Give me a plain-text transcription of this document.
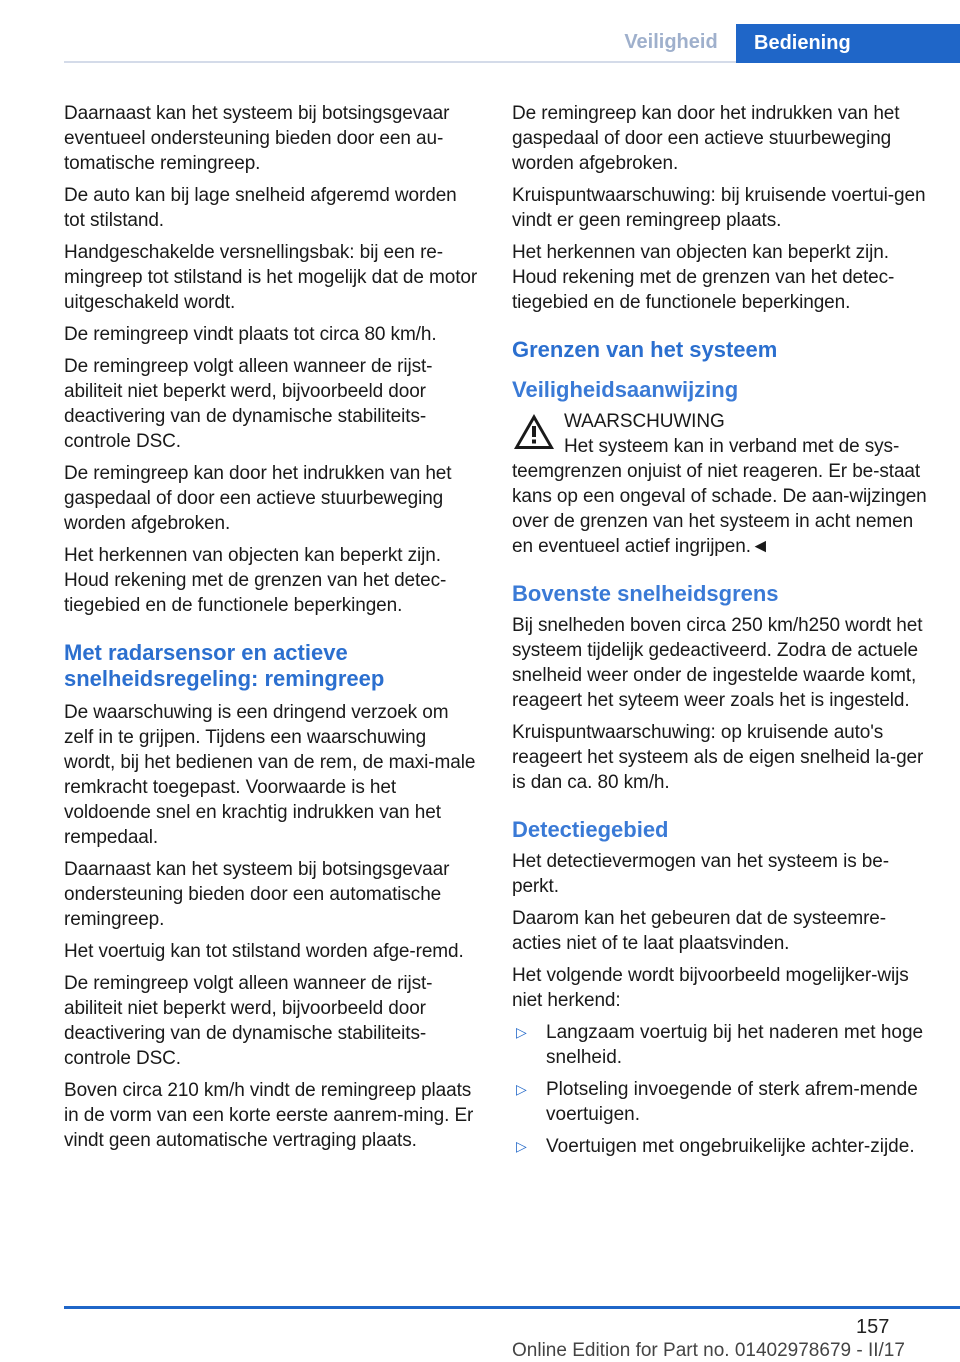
Veiligheid	Bediening

Daarnaast kan het systeem bij botsingsgevaar eventueel ondersteuning bieden door een au‐tomatische remingreep.

De auto kan bij lage snelheid afgeremd worden tot stilstand.

Handgeschakelde versnellingsbak: bij een re‐mingreep tot stilstand is het mogelijk dat de motor uitgeschakeld wordt.

De remingreep vindt plaats tot circa 80 km/h.

De remingreep volgt alleen wanneer de rijst‐abiliteit niet beperkt werd, bijvoorbeeld door deactivering van de dynamische stabiliteits‐controle DSC.

De remingreep kan door het indrukken van het gaspedaal of door een actieve stuurbeweging worden afgebroken.

Het herkennen van objecten kan beperkt zijn. Houd rekening met de grenzen van het detec‐tiegebied en de functionele beperkingen.

Met radarsensor en actieve snelheidsregeling: remingreep

De waarschuwing is een dringend verzoek om zelf in te grijpen. Tijdens een waarschuwing wordt, bij het bedienen van de rem, de maxi‐male remkracht toegepast. Voorwaarde is het voldoende snel en krachtig indrukken van het rempedaal.

Daarnaast kan het systeem bij botsingsgevaar ondersteuning bieden door een automatische remingreep.

Het voertuig kan tot stilstand worden afge‐remd.

De remingreep volgt alleen wanneer de rijst‐abiliteit niet beperkt werd, bijvoorbeeld door deactivering van de dynamische stabiliteits‐controle DSC.

Boven circa 210 km/h vindt de remingreep plaats in de vorm van een korte eerste aanrem‐ming. Er vindt geen automatische vertraging plaats.

De remingreep kan door het indrukken van het gaspedaal of door een actieve stuurbeweging worden afgebroken.

Kruispuntwaarschuwing: bij kruisende voertui‐gen vindt er geen remingreep plaats.

Het herkennen van objecten kan beperkt zijn. Houd rekening met de grenzen van het detec‐tiegebied en de functionele beperkingen.

Grenzen van het systeem
Veiligheidsaanwijzing

WAARSCHUWING

Het systeem kan in verband met de sys‐

teemgrenzen onjuist of niet reageren. Er be‐staat kans op een ongeval of schade. De aan‐wijzingen over de grenzen van het systeem in acht nemen en eventueel actief ingrijpen.◄

Bovenste snelheidsgrens

Bij snelheden boven circa 250 km/h250 wordt het systeem tijdelijk gedeactiveerd. Zodra de actuele snelheid weer onder de ingestelde waarde komt, reageert het syteem weer zoals het is ingesteld.

Kruispuntwaarschuwing: op kruisende auto's reageert het systeem als de eigen snelheid la‐ger is dan ca. 80 km/h.

Detectiegebied

Het detectievermogen van het systeem is be‐perkt.

Daarom kan het gebeuren dat de systeemre‐acties niet of te laat plaatsvinden.

Het volgende wordt bijvoorbeeld mogelijker‐wijs niet herkend:

▷ Langzaam voertuig bij het naderen met hoge snelheid.
▷ Plotseling invoegende of sterk afrem‐mende voertuigen.
▷ Voertuigen met ongebruikelijke achter‐zijde.
157
Online Edition for Part no. 01402978679 - II/17
